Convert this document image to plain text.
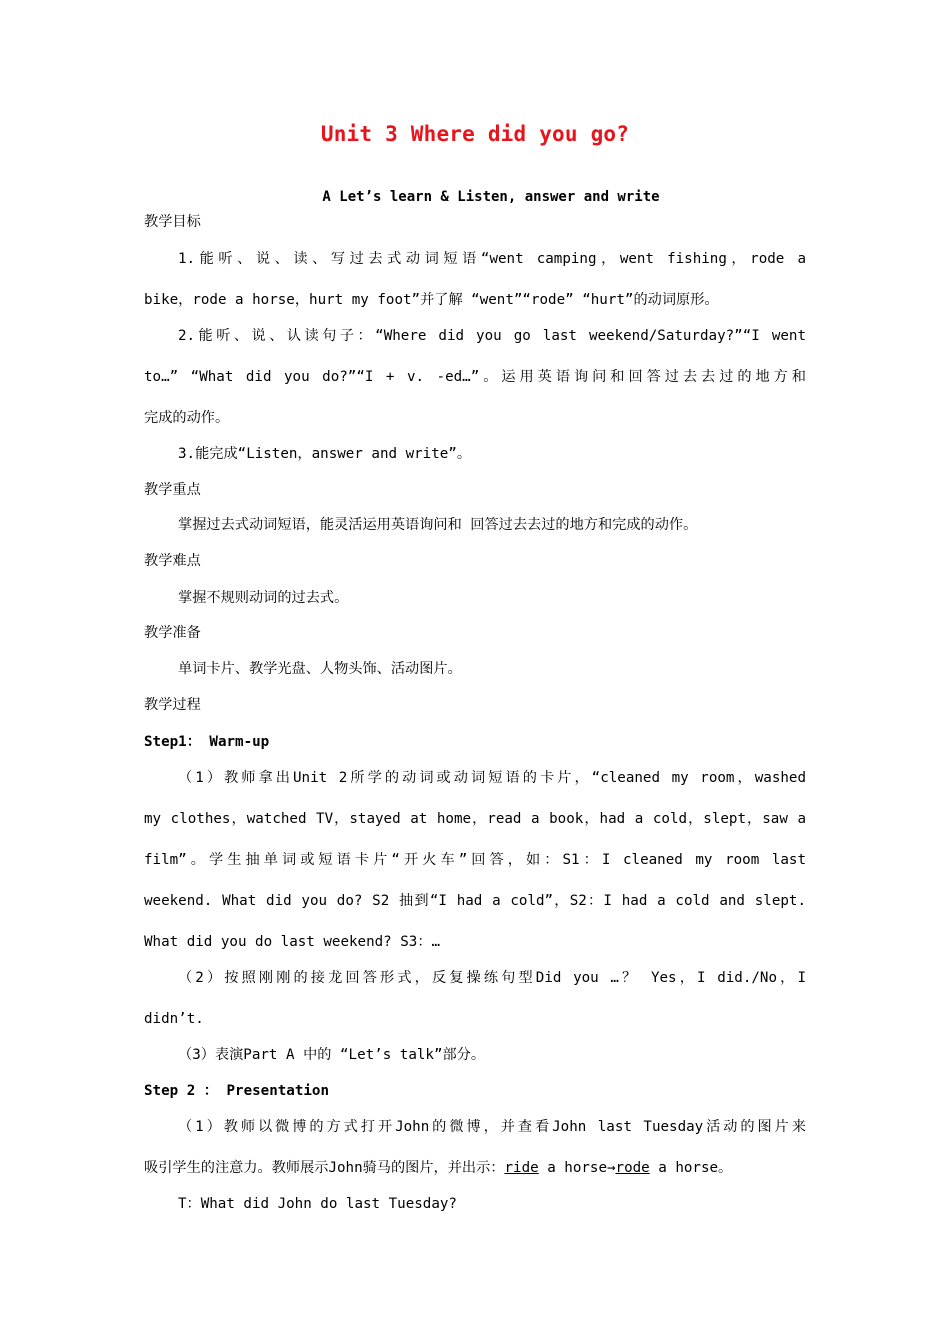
Unit 3 Where did you go?
A Let’s learn & Listen, answer and write
教学目标
1.能听、说、读、写过去式动词短语“went camping，went fishing，rode a
bike，rode a horse，hurt my foot”并了解 “went”“rode” “hurt”的动词原形。
2.能听、说、认读句子：“Where did you go last weekend/Saturday?”“I went
to…” “What did you do?”“I + v. -ed…”。运用英语询问和回答过去去过的地方和
完成的动作。
3.能完成“Listen，answer and write”。
教学重点
掌握过去式动词短语，能灵活运用英语询问和 回答过去去过的地方和完成的动作。
教学难点
掌握不规则动词的过去式。
教学准备
单词卡片、教学光盘、人物头饰、活动图片。
教学过程
Step1： Warm-up
（1）教师拿出Unit 2所学的动词或动词短语的卡片，“cleaned my room，washed
my clothes，watched TV，stayed at home，read a book，had a cold，slept，saw a
film”。学生抽单词或短语卡片“开火车”回答，如：S1：I cleaned my room last
weekend. What did you do? S2 抽到“I had a cold”，S2：I had a cold and slept.
What did you do last weekend? S3：…
（2）按照刚刚的接龙回答形式，反复操练句型Did you …？ Yes，I did./No，I
didn’t.
（3）表演Part A 中的 “Let’s talk”部分。
Step 2 ： Presentation
（1）教师以微博的方式打开John的微博，并查看John last Tuesday活动的图片来
吸引学生的注意力。教师展示John骑马的图片，并出示：ride a horse→rode a horse。
T：What did John do last Tuesday?
